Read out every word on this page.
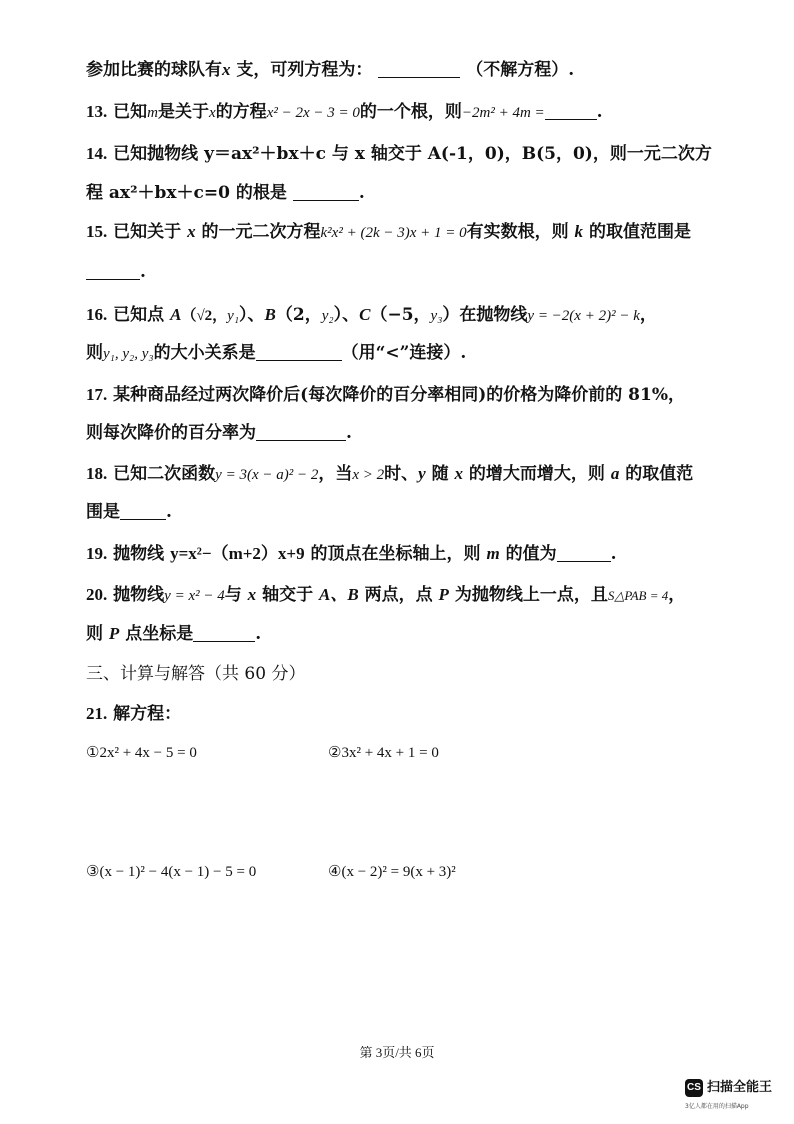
参加比赛的球队有x 支，可列方程为：	（不解方程）.
13. 已知m是关于x的方程x² − 2x − 3 = 0的一个根，则−2m² + 4m =	.
14. 已知抛物线 y＝ax²＋bx＋c 与 x 轴交于 A(-1，0)，B(5，0)，则一元二次方
程 ax²＋bx＋c=0 的根是	.
15. 已知关于 x 的一元二次方程k²x² + (2k − 3)x + 1 = 0有实数根，则 k 的取值范围是
.
16. 已知点 A（√2，y₁）、B（2，y₂）、C（−5，y₃）在抛物线y = −2(x + 2)² − k，
则y₁, y₂, y₃的大小关系是	（用“<”连接）.
17. 某种商品经过两次降价后(每次降价的百分率相同)的价格为降价前的 81%，
则每次降价的百分率为	.
18. 已知二次函数y = 3(x − a)² − 2，当x > 2时、y 随 x 的增大而增大，则 a 的取值范
围是	.
19. 抛物线 y=x²−（m+2）x+9 的顶点在坐标轴上，则 m 的值为	.
20. 抛物线y = x² − 4与 x 轴交于 A、B 两点，点 P 为抛物线上一点，且S△PAB = 4，
则 P 点坐标是	.
三、计算与解答（共 60 分）
21. 解方程：
①2x² + 4x − 5 = 0	②3x² + 4x + 1 = 0
③(x − 1)² − 4(x − 1) − 5 = 0	④(x − 2)² = 9(x + 3)²
第 3页/共 6页
CS 扫描全能王
3亿人都在用的扫描App
